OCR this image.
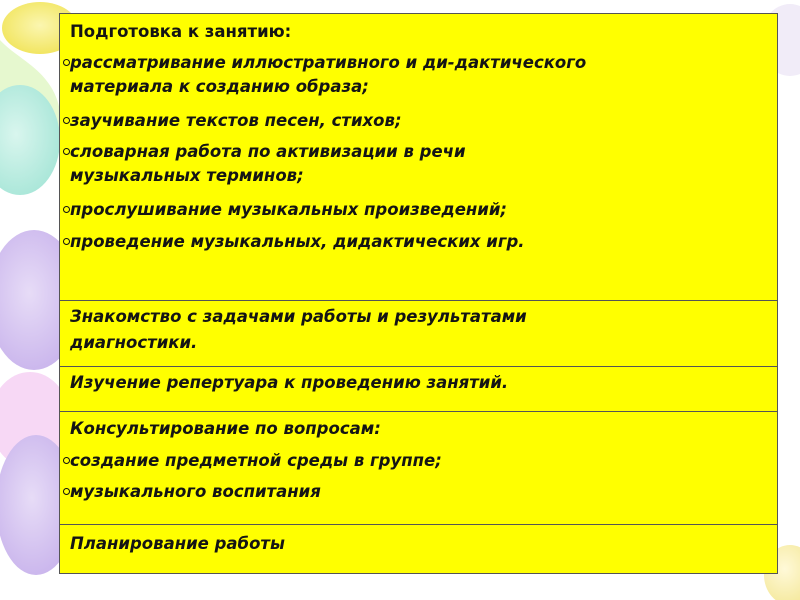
Подготовка к занятию:
рассматривание иллюстративного и ди-дактического
материала к созданию образа;
заучивание текстов песен, стихов;
словарная работа по активизации в речи
музыкальных терминов;
прослушивание музыкальных произведений;
проведение музыкальных, дидактических игр.
Знакомство с задачами работы и результатами
диагностики.
Изучение репертуара к проведению занятий.
Консультирование по вопросам:
создание предметной среды в группе;
музыкального воспитания
Планирование работы
